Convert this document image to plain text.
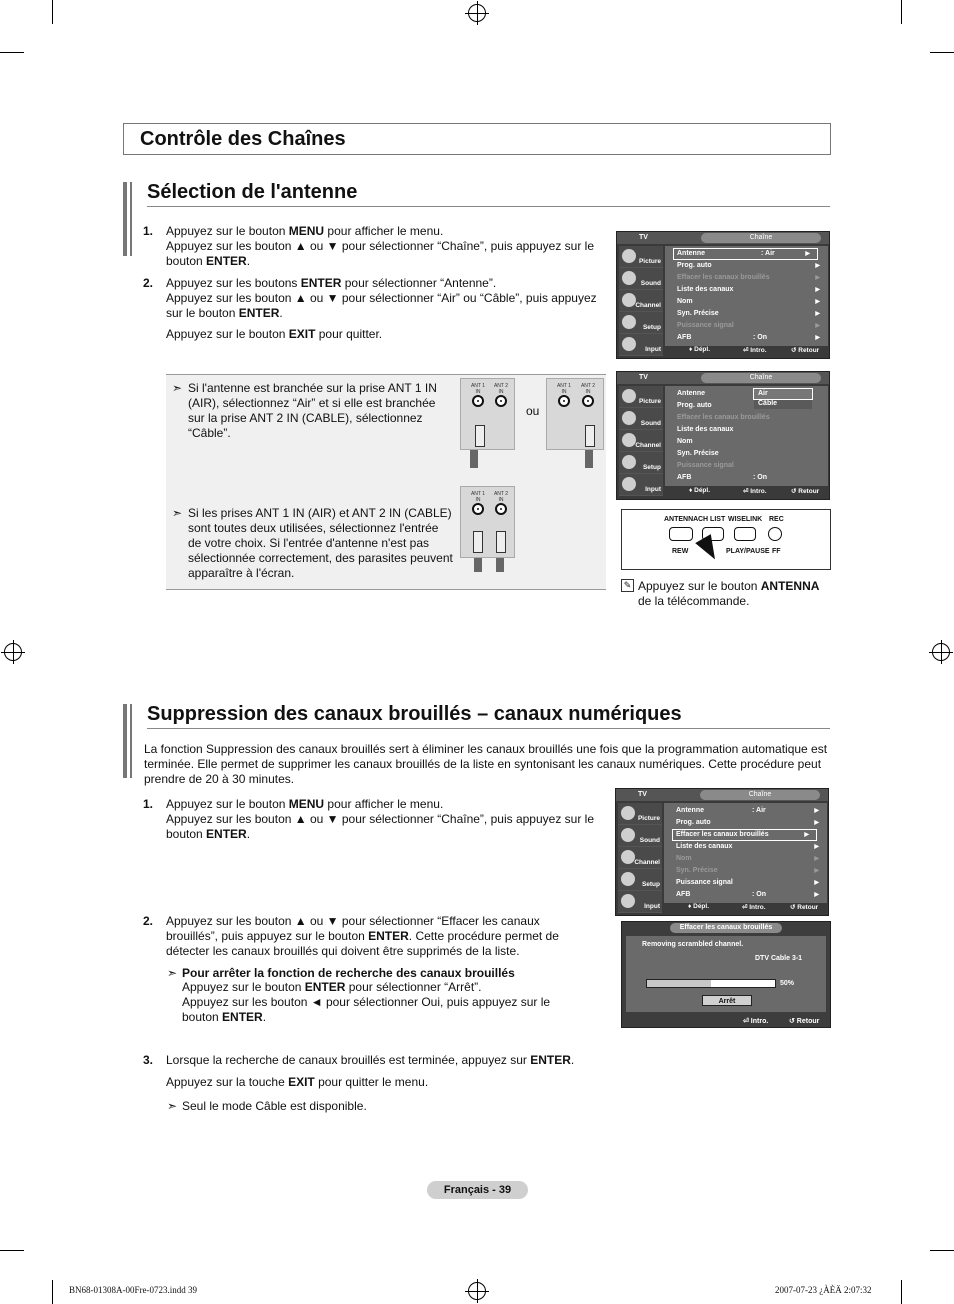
Contrôle des Chaînes
Sélection de l'antenne
1. Appuyez sur le bouton MENU pour afficher le menu.
Appuyez sur les bouton ▲ ou ▼ pour sélectionner “Chaîne”, puis appuyez sur le
bouton ENTER.
2. Appuyez sur les boutons ENTER pour sélectionner “Antenne”.
Appuyez sur les bouton ▲ ou ▼ pour sélectionner “Air” ou “Câble”, puis appuyez
sur le bouton ENTER.
Appuyez sur le bouton EXIT pour quitter.
TV	Chaîne
Picture
Sound
Channel
Setup
Input
Antenne	: Air	▶
Prog. auto	▶
Effacer les canaux brouillés	▶
Liste des canaux	▶
Nom	▶
Syn. Précise	▶
Puissance signal	▶
AFB	: On	▶
♦ Dépl.	⏎ Intro.	↺ Retour
TV	Chaîne
Picture
Sound
Channel
Setup
Input
Antenne
Prog. auto
Effacer les canaux brouillés
Liste des canaux
Nom
Syn. Précise
Puissance signal
AFB	: On
Air
Câble
♦ Dépl.	⏎ Intro.	↺ Retour
➣ Si l'antenne est branchée sur la prise ANT 1 IN
(AIR), sélectionnez “Air” et si elle est branchée
sur la prise ANT 2 IN (CABLE), sélectionnez
“Câble”.
➣ Si les prises ANT 1 IN (AIR) et ANT 2 IN (CABLE)
sont toutes deux utilisées, sélectionnez l'entrée
de votre choix. Si l'entrée d'antenne n'est pas
sélectionnée correctement, des parasites peuvent
apparaître à l'écran.
ANT 1 IN
ANT 2 IN
ou
ANT 1 IN
ANT 2 IN
ANT 1 IN
ANT 2 IN
ANTENNA CH LIST WISELINK REC
REW	PLAY/PAUSE FF
✎ Appuyez sur le bouton ANTENNA
de la télécommande.
Suppression des canaux brouillés – canaux numériques
La fonction Suppression des canaux brouillés sert à éliminer les canaux brouillés une fois que la programmation automatique est
terminée. Elle permet de supprimer les canaux brouillés de la liste en syntonisant les canaux numériques. Cette procédure peut
prendre de 20 à 30 minutes.
1. Appuyez sur le bouton MENU pour afficher le menu.
Appuyez sur les bouton ▲ ou ▼ pour sélectionner “Chaîne”, puis appuyez sur le
bouton ENTER.
TV	Chaîne
Picture
Sound
Channel
Setup
Input
Antenne	: Air	▶
Prog. auto	▶
Effacer les canaux brouillés	▶
Liste des canaux	▶
Nom	▶
Syn. Précise	▶
Puissance signal	▶
AFB	: On	▶
♦ Dépl.	⏎ Intro.	↺ Retour
2. Appuyez sur les bouton ▲ ou ▼ pour sélectionner “Effacer les canaux
brouillés”, puis appuyez sur le bouton ENTER. Cette procédure permet de
détecter les canaux brouillés qui doivent être supprimés de la liste.
➣ Pour arrêter la fonction de recherche des canaux brouillés
Appuyez sur le bouton ENTER pour sélectionner “Arrêt”.
Appuyez sur les bouton ◄ pour sélectionner Oui, puis appuyez sur le
bouton ENTER.
Effacer les canaux brouillés
Removing scrambled channel.
DTV Cable 3-1
50%
Arrêt
⏎ Intro.	↺ Retour
3. Lorsque la recherche de canaux brouillés est terminée, appuyez sur ENTER.
Appuyez sur la touche EXIT pour quitter le menu.
➣ Seul le mode Câble est disponible.
Français - 39
BN68-01308A-00Fre-0723.indd 39	2007-07-23 ¿ÀÈÄ 2:07:32
